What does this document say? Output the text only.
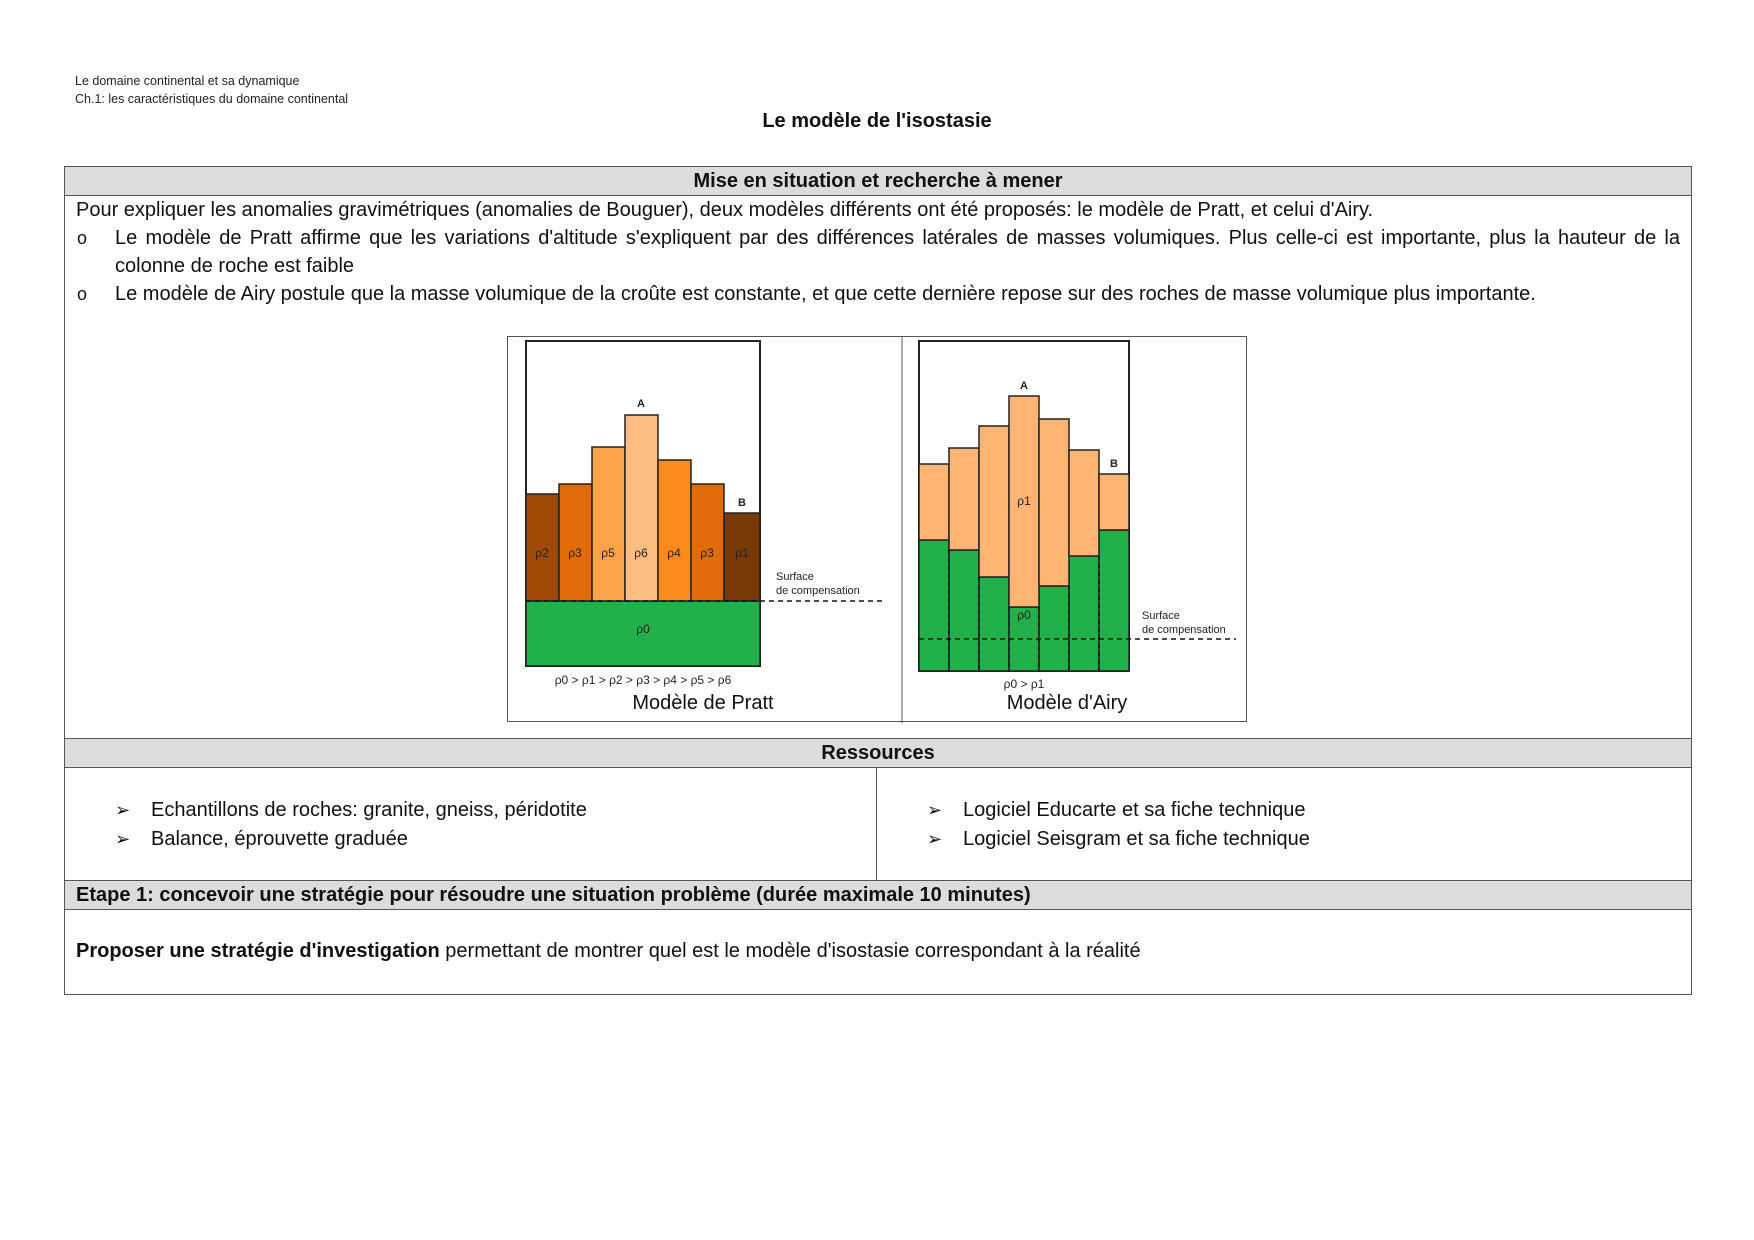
Le domaine continental et sa dynamique
Ch.1: les caractéristiques du domaine continental
Le modèle de l'isostasie
Mise en situation et recherche à mener
Pour expliquer les anomalies gravimétriques (anomalies de Bouguer), deux modèles différents ont été proposés: le modèle de Pratt, et celui d'Airy.
o	Le modèle de Pratt affirme que les variations d'altitude s'expliquent par des différences latérales de masses volumiques. Plus celle-ci est importante, plus la hauteur de la colonne de roche est faible
o	Le modèle de Airy postule que la masse volumique de la croûte est constante, et que cette dernière repose sur des roches de masse volumique plus importante.
ρ2 ρ3 ρ5 ρ6 ρ4 ρ3 ρ1
ρ0
A
B
ρ0 > ρ1 > ρ2 > ρ3 > ρ4 > ρ5 > ρ6
Surface
de compensation
A
B
ρ1
ρ0
ρ0 > ρ1
Surface
de compensation
Modèle de Pratt	Modèle d'Airy
Ressources
➢	Echantillons de roches: granite, gneiss, péridotite
➢	Balance, éprouvette graduée
➢	Logiciel Educarte et sa fiche technique
➢	Logiciel Seisgram et sa fiche technique
Etape 1: concevoir une stratégie pour résoudre une situation problème (durée maximale 10 minutes)
Proposer une stratégie d'investigation permettant de montrer quel est le modèle d'isostasie correspondant à la réalité
